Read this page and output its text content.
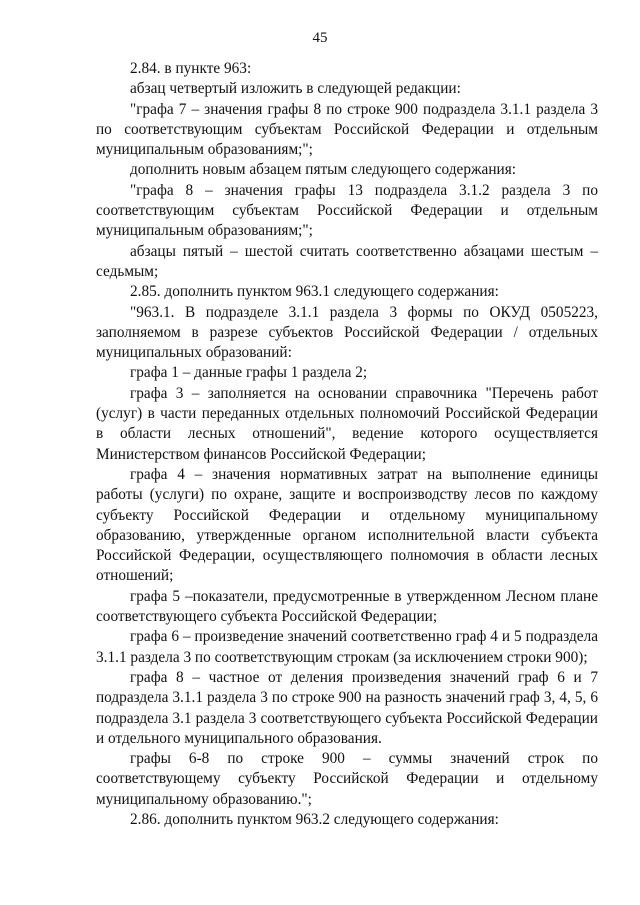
45

2.84. в пункте 963:

абзац четвертый изложить в следующей редакции:

"графа 7 – значения графы 8 по строке 900 подраздела 3.1.1 раздела 3 по соответствующим субъектам Российской Федерации и отдельным муниципальным образованиям;";

дополнить новым абзацем пятым следующего содержания:

"графа 8 – значения графы 13 подраздела 3.1.2 раздела 3 по соответствующим субъектам Российской Федерации и отдельным муниципальным образованиям;";

абзацы пятый – шестой считать соответственно абзацами шестым – седьмым;

2.85. дополнить пунктом 963.1 следующего содержания:

"963.1. В подразделе 3.1.1 раздела 3 формы по ОКУД 0505223, заполняемом в разрезе субъектов Российской Федерации / отдельных муниципальных образований:

графа 1 – данные графы 1 раздела 2;

графа 3 – заполняется на основании справочника "Перечень работ (услуг) в части переданных отдельных полномочий Российской Федерации в области лесных отношений", ведение которого осуществляется Министерством финансов Российской Федерации;

графа 4 – значения нормативных затрат на выполнение единицы работы (услуги) по охране, защите и воспроизводству лесов по каждому субъекту Российской Федерации и отдельному муниципальному образованию, утвержденные органом исполнительной власти субъекта Российской Федерации, осуществляющего полномочия в области лесных отношений;

графа 5 –показатели, предусмотренные в утвержденном Лесном плане соответствующего субъекта Российской Федерации;

графа 6 – произведение значений соответственно граф 4 и 5 подраздела 3.1.1 раздела 3 по соответствующим строкам (за исключением строки 900);

графа 8 – частное от деления произведения значений граф 6 и 7 подраздела 3.1.1 раздела 3 по строке 900 на разность значений граф 3, 4, 5, 6 подраздела 3.1 раздела 3 соответствующего субъекта Российской Федерации и отдельного муниципального образования.

графы 6-8 по строке 900 – суммы значений строк по соответствующему субъекту Российской Федерации и отдельному муниципальному образованию.";

2.86. дополнить пунктом 963.2 следующего содержания:
